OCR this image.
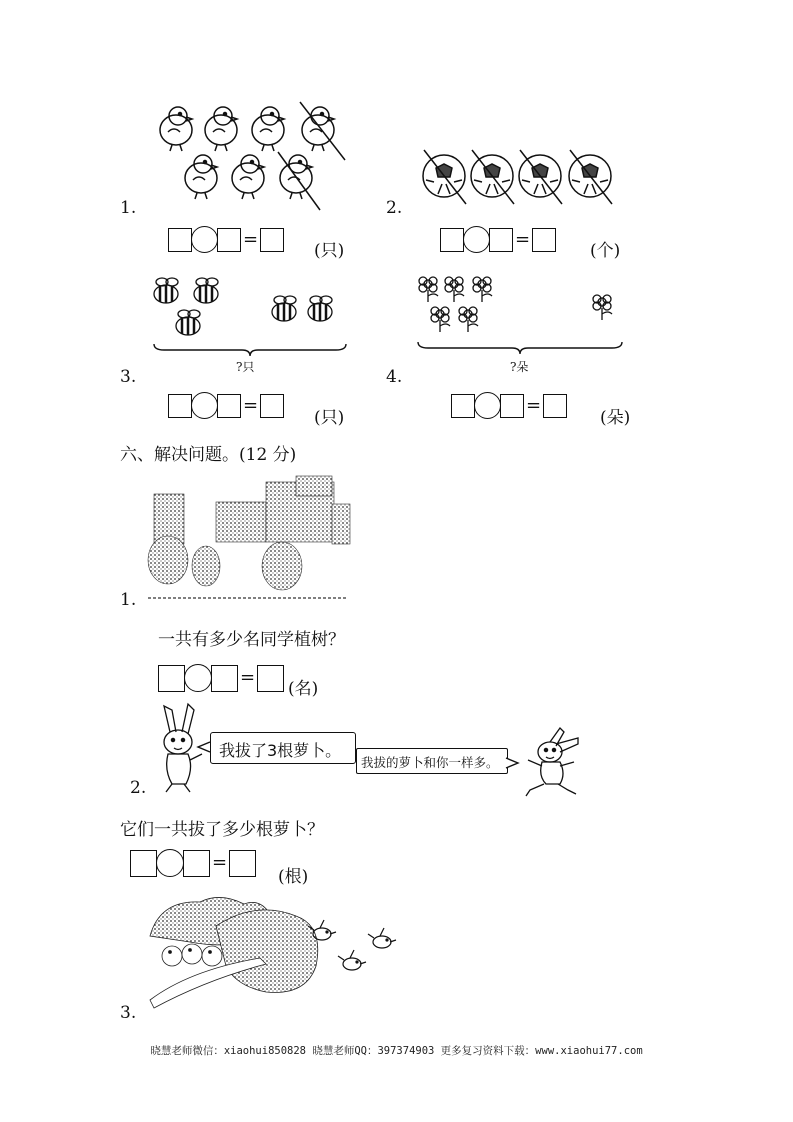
1.
=
(只)
2.
=
(个)
?只
3.
=
(只)
?朵
4.
=
(朵)
六、解决问题。(12 分)
1.
一共有多少名同学植树？
=
(名)
我拔了3根萝卜。
我拔的萝卜和你一样多。
2.
它们一共拔了多少根萝卜？
=
(根)
3.
晓慧老师微信：xiaohui850828 晓慧老师QQ：397374903 更多复习资料下载：www.xiaohui77.com
